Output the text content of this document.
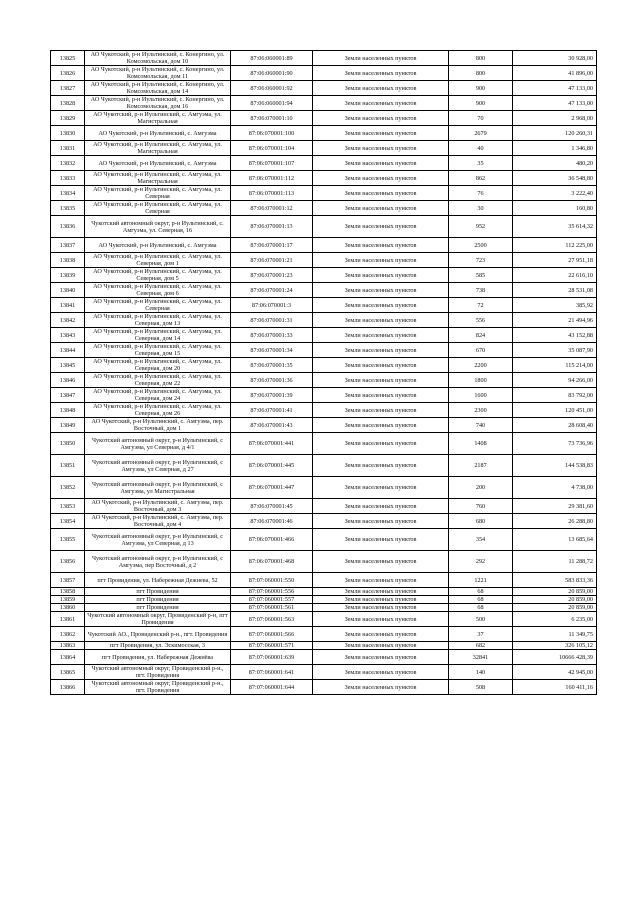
13825	АО Чукотский, р-н Иультинский, с. Конергино, ул. Комсомольская, дом 10	87:06:060001:89	Земли населенных пунктов	800	30 928,00
13826	АО Чукотский, р-н Иультинский, с. Конергино, ул. Комсомольская, дом 11	87:06:060001:90	Земли населенных пунктов	800	41 896,00
13827	АО Чукотский, р-н Иультинский, с. Конергино, ул. Комсомольская, дом 14	87:06:060001:92	Земли населенных пунктов	900	47 133,00
13828	АО Чукотский, р-н Иультинский, с. Конергино, ул. Комсомольская, дом 16	87:06:060001:94	Земли населенных пунктов	900	47 133,00
13829	АО Чукотский, р-н Иультинский, с. Амгуэма, ул. Магистральная	87:06:070001:10	Земли населенных пунктов	70	2 968,00
13830	АО Чукотский, р-н Иультинский, с. Амгуэма	87:06:070001:100	Земли населенных пунктов	2679	120 260,31
13831	АО Чукотский, р-н Иультинский, с. Амгуэма, ул. Магистральная	87:06:070001:104	Земли населенных пунктов	40	1 346,80
13832	АО Чукотский, р-н Иультинский, с. Амгуэма	87:06:070001:107	Земли населенных пунктов	35	480,20
13833	АО Чукотский, р-н Иультинский, с. Амгуэма, ул. Магистральная	87:06:070001:112	Земли населенных пунктов	862	36 548,80
13834	АО Чукотский, р-н Иультинский, с. Амгуэма, ул. Северная	87:06:070001:113	Земли населенных пунктов	76	3 222,40
13835	АО Чукотский, р-н Иультинский, с. Амгуэма, ул. Северная	87:06:070001:12	Земли населенных пунктов	30	160,80
13836	Чукотский автономный округ, р-н Иультинский, с. Амгуэма, ул. Северная, 16	87:06:070001:13	Земли населенных пунктов	952	35 614,32
13837	АО Чукотский, р-н Иультинский, с. Амгуэма	87:06:070001:17	Земли населенных пунктов	2500	112 225,00
13838	АО Чукотский, р-н Иультинский, с. Амгуэма, ул. Северная, дом 1	87:06:070001:21	Земли населенных пунктов	723	27 951,18
13839	АО Чукотский, р-н Иультинский, с. Амгуэма, ул. Северная, дом 5	87:06:070001:23	Земли населенных пунктов	585	22 616,10
13840	АО Чукотский, р-н Иультинский, с. Амгуэма, ул. Северная, дом 6	87:06:070001:24	Земли населенных пунктов	738	28 531,08
13841	АО Чукотский, р-н Иультинский, с. Амгуэма, ул. Северная	87:06:070001:3	Земли населенных пунктов	72	385,92
13842	АО Чукотский, р-н Иультинский, с. Амгуэма, ул. Северная, дом 13	87:06:070001:31	Земли населенных пунктов	556	21 494,96
13843	АО Чукотский, р-н Иультинский, с. Амгуэма, ул. Северная, дом 14	87:06:070001:33	Земли населенных пунктов	824	43 152,88
13844	АО Чукотский, р-н Иультинский, с. Амгуэма, ул. Северная, дом 15	87:06:070001:34	Земли населенных пунктов	670	35 087,90
13845	АО Чукотский, р-н Иультинский, с. Амгуэма, ул. Северная, дом 20	87:06:070001:35	Земли населенных пунктов	2200	115 214,00
13846	АО Чукотский, р-н Иультинский, с. Амгуэма, ул. Северная, дом 22	87:06:070001:36	Земли населенных пунктов	1800	94 266,00
13847	АО Чукотский, р-н Иультинский, с. Амгуэма, ул. Северная, дом 24	87:06:070001:39	Земли населенных пунктов	1600	83 792,00
13848	АО Чукотский, р-н Иультинский, с. Амгуэма, ул. Северная, дом 26	87:06:070001:41	Земли населенных пунктов	2300	120 451,00
13849	АО Чукотский, р-н Иультинский, с. Амгуэма, пер. Восточный, дом 1	87:06:070001:43	Земли населенных пунктов	740	28 608,40
13850	Чукотский автономный округ, р-н Иультинский, с Амгуэма, ул Северная, д 4/1	87:06:070001:441	Земли населенных пунктов	1408	73 736,96
13851	Чукотский автономный округ, р-н Иультинский, с Амгуэма, ул Северная, д 27	87:06:070001:445	Земли населенных пунктов	2187	144 538,83
13852	Чукотский автономный округ, р-н Иультинский, с Амгуэма, ул Магистральная	87:06:070001:447	Земли населенных пунктов	200	4 738,00
13853	АО Чукотский, р-н Иультинский, с. Амгуэма, пер. Восточный, дом 3	87:06:070001:45	Земли населенных пунктов	760	29 381,60
13854	АО Чукотский, р-н Иультинский, с. Амгуэма, пер. Восточный, дом 4	87:06:070001:46	Земли населенных пунктов	680	26 288,80
13855	Чукотский автономный округ, р-н Иультинский, с Амгуэма, ул Северная, д 13	87:06:070001:466	Земли населенных пунктов	354	13 685,64
13856	Чукотский автономный округ, р-н Иультинский, с Амгуэма, пер Восточный, д 2	87:06:070001:468	Земли населенных пунктов	292	11 288,72
13857	пгт Провидения, ул. Набережная Дежнева, 52	87:07:060001:550	Земли населенных пунктов	1221	583 833,36
13858	пгт Провидения	87:07:060001:556	Земли населенных пунктов	68	20 859,00
13859	пгт Провидения	87:07:060001:557	Земли населенных пунктов	68	20 859,00
13860	пгт Провидения	87:07:060001:561	Земли населенных пунктов	68	20 859,00
13861	Чукотский автономный округ, Провиденский р-н, пгт Провидения	87:07:060001:563	Земли населенных пунктов	500	6 235,00
13862	Чукотский АО., Провиденский р-н., пгт. Провидения	87:07:060001:566	Земли населенных пунктов	37	11 349,75
13863	пгт Провидения, ул. Эскимосская, 3	87:07:060001:571	Земли населенных пунктов	682	326 105,12
13864	пгт Провидения, ул. Набережная Дежнёва	87:07:060001:639	Земли населенных пунктов	32841	10666 428,39
13865	Чукотский автономный округ, Провиденский р-н., пгт. Провидения	87:07:060001:641	Земли населенных пунктов	140	42 945,00
13866	Чукотский автономный округ, Провиденский р-н., пгт. Провидения	87:07:060001:644	Земли населенных пунктов	508	160 411,16
